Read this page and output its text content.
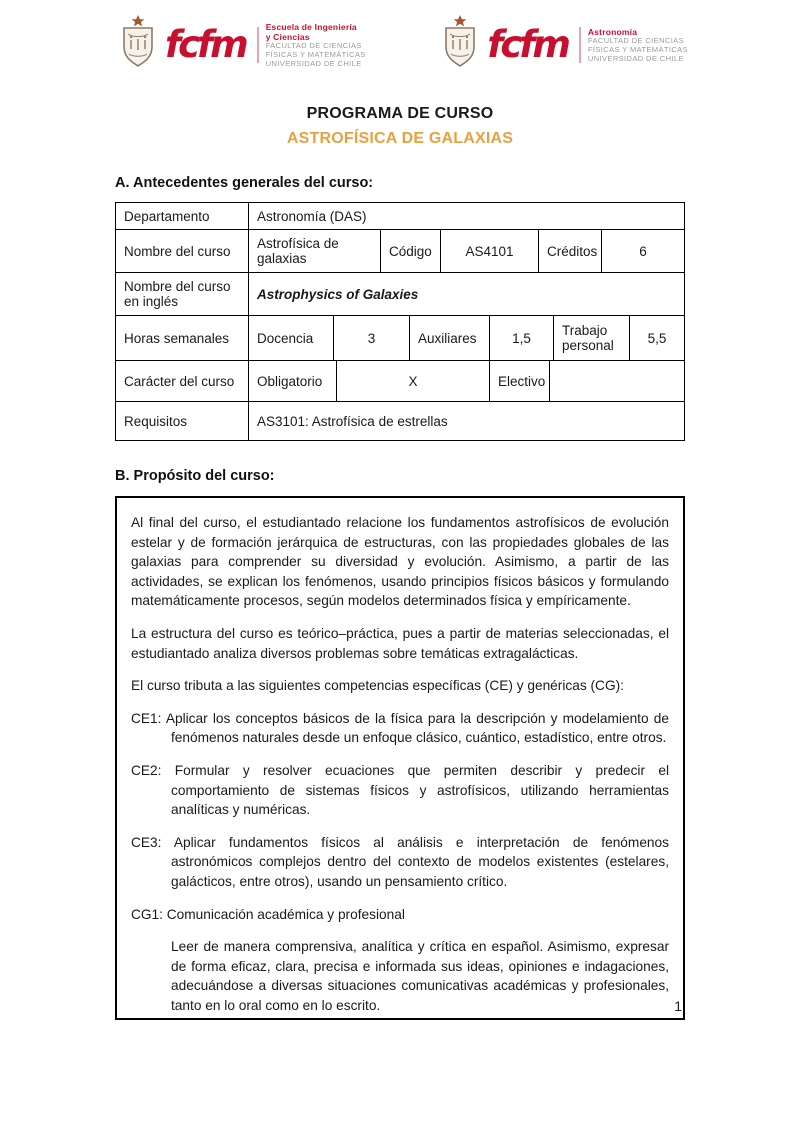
fcfm	Escuela de Ingeniería
y Ciencias
FACULTAD DE CIENCIAS
FÍSICAS Y MATEMÁTICAS
UNIVERSIDAD DE CHILE	fcfm	Astronomía
FACULTAD DE CIENCIAS
FÍSICAS Y MATEMÁTICAS
UNIVERSIDAD DE CHILE
PROGRAMA DE CURSO
ASTROFÍSICA DE GALAXIAS
A. Antecedentes generales del curso:
Departamento	Astronomía (DAS)
Nombre del curso	Astrofísica de galaxias	Código	AS4101	Créditos	6
Nombre del curso en inglés	Astrophysics of Galaxies
Horas semanales	Docencia	3	Auxiliares	1,5	Trabajo personal	5,5
Carácter del curso	Obligatorio	X	Electivo
Requisitos	AS3101: Astrofísica de estrellas
B. Propósito del curso:

Al final del curso, el estudiantado relacione los fundamentos astrofísicos de evolución estelar y de formación jerárquica de estructuras, con las propiedades globales de las galaxias para comprender su diversidad y evolución. Asimismo, a partir de las actividades, se explican los fenómenos, usando principios físicos básicos y formulando matemáticamente procesos, según modelos determinados física y empíricamente.

La estructura del curso es teórico–práctica, pues a partir de materias seleccionadas, el estudiantado analiza diversos problemas sobre temáticas extragalácticas.

El curso tributa a las siguientes competencias específicas (CE) y genéricas (CG):

CE1: Aplicar los conceptos básicos de la física para la descripción y modelamiento de fenómenos naturales desde un enfoque clásico, cuántico, estadístico, entre otros.
CE2: Formular y resolver ecuaciones que permiten describir y predecir el comportamiento de sistemas físicos y astrofísicos, utilizando herramientas analíticas y numéricas.
CE3: Aplicar fundamentos físicos al análisis e interpretación de fenómenos astronómicos complejos dentro del contexto de modelos existentes (estelares, galácticos, entre otros), usando un pensamiento crítico.
CG1: Comunicación académica y profesional

Leer de manera comprensiva, analítica y crítica en español. Asimismo, expresar de forma eficaz, clara, precisa e informada sus ideas, opiniones e indagaciones, adecuándose a diversas situaciones comunicativas académicas y profesionales, tanto en lo oral como en lo escrito.	1
